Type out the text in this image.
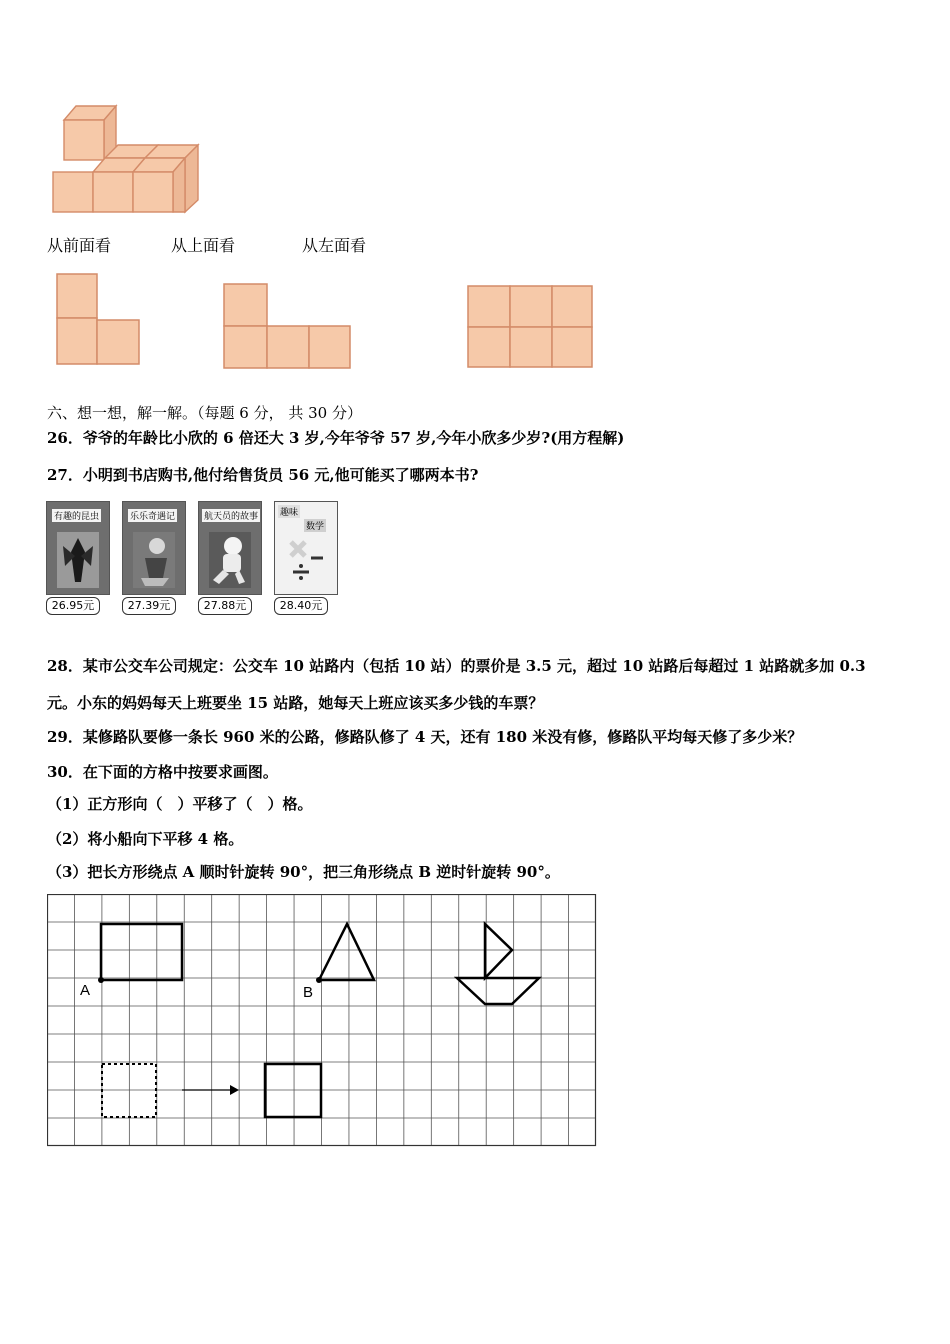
从前面看	从上面看	从左面看
六、想一想，解一解。（每题 6 分， 共 30 分）
26．爷爷的年龄比小欣的 6 倍还大 3 岁,今年爷爷 57 岁,今年小欣多少岁?(用方程解)
27．小明到书店购书,他付给售货员 56 元,他可能买了哪两本书?
有趣的昆虫
26.95元
乐乐奇遇记
27.39元
航天员的故事
27.88元
趣味
数学
28.40元
28．某市公交车公司规定：公交车 10 站路内（包括 10 站）的票价是 3.5 元，超过 10 站路后每超过 1 站路就多加 0.3
元。小东的妈妈每天上班要坐 15 站路，她每天上班应该买多少钱的车票？
29．某修路队要修一条长 960 米的公路，修路队修了 4 天，还有 180 米没有修，修路队平均每天修了多少米？
30．在下面的方格中按要求画图。
（1）正方形向（　）平移了（　）格。
（2）将小船向下平移 4 格。
（3）把长方形绕点 A 顺时针旋转 90°，把三角形绕点 B 逆时针旋转 90°。
A	B
